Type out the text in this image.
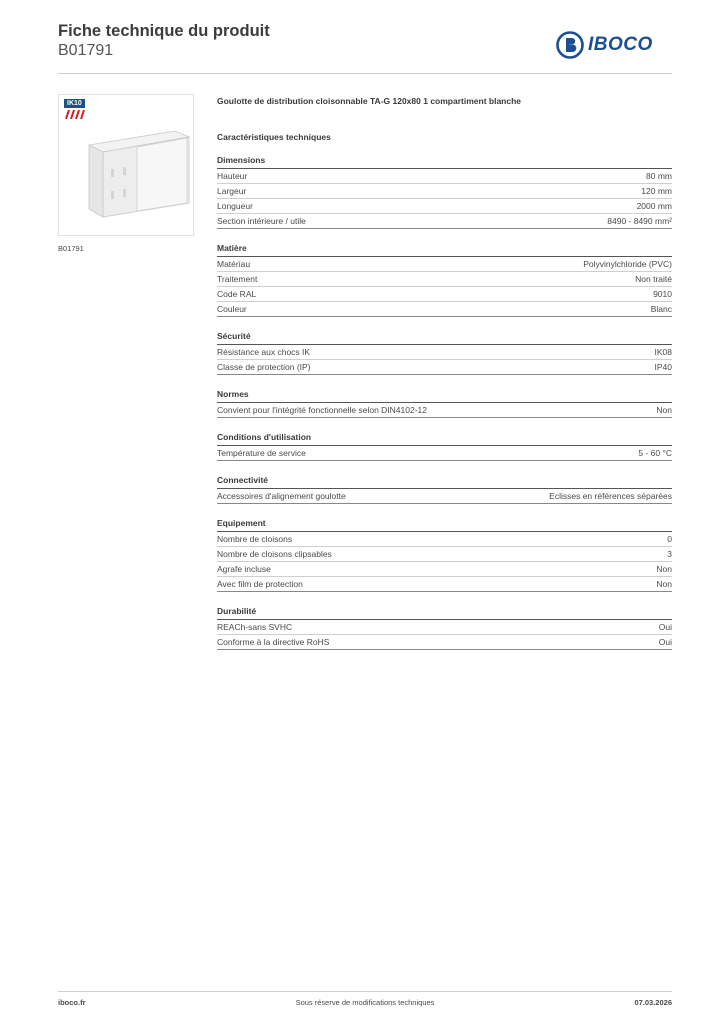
Fiche technique du produit
B01791	IBOCO
IK10
B01791
Goulotte de distribution cloisonnable TA-G 120x80 1 compartiment blanche
Caractéristiques techniques
Dimensions
Hauteur	80 mm
Largeur	120 mm
Longueur	2000 mm
Section intérieure / utile	8490 - 8490 mm²
Matière
Matériau	Polyvinylchloride (PVC)
Traitement	Non traité
Code RAL	9010
Couleur	Blanc
Sécurité
Résistance aux chocs IK	IK08
Classe de protection (IP)	IP40
Normes
Convient pour l'intégrité fonctionnelle selon DIN4102-12	Non
Conditions d'utilisation
Température de service	5 - 60 °C
Connectivité
Accessoires d'alignement goulotte	Eclisses en références séparées
Equipement
Nombre de cloisons	0
Nombre de cloisons clipsables	3
Agrafe incluse	Non
Avec film de protection	Non
Durabilité
REACh-sans SVHC	Oui
Conforme à la directive RoHS	Oui
iboco.fr	Sous réserve de modifications techniques	07.03.2026
